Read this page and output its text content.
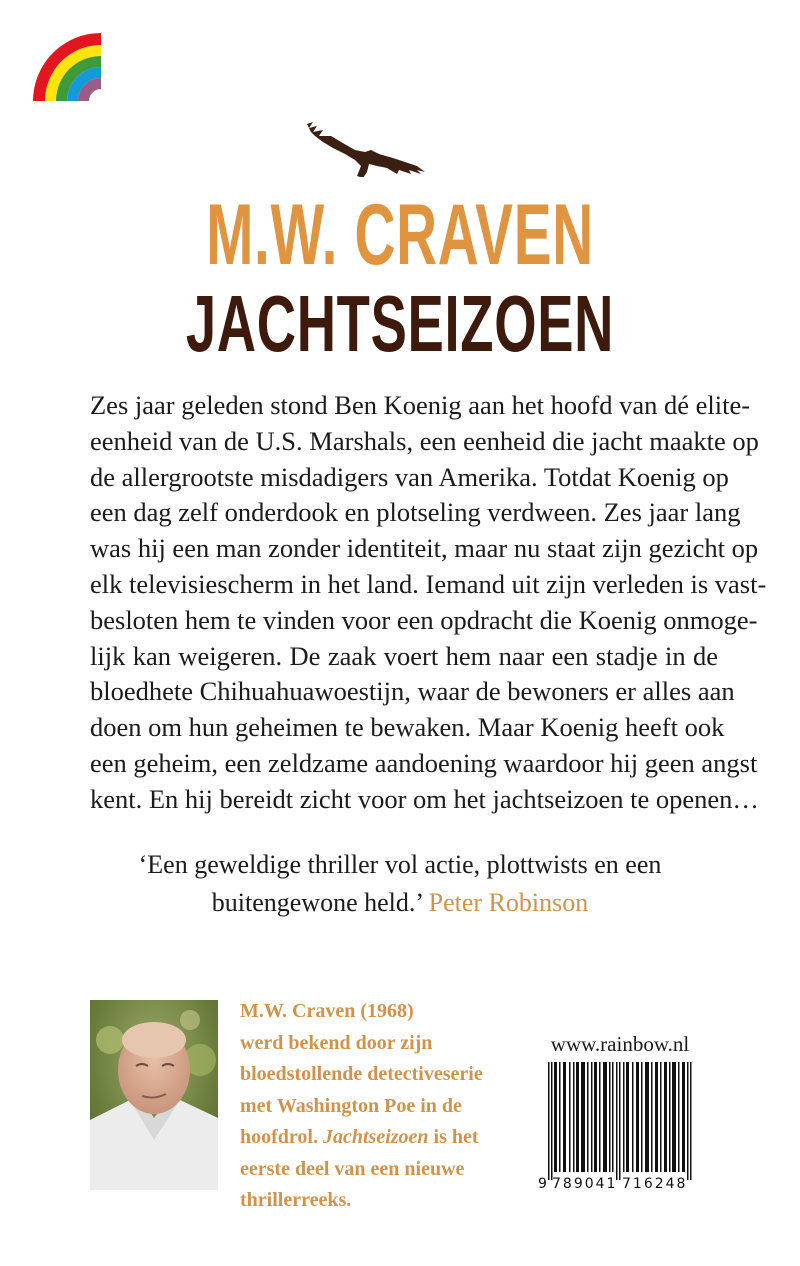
M.W. CRAVEN
JACHTSEIZOEN
Zes jaar geleden stond Ben Koenig aan het hoofd van dé elite-
eenheid van de U.S. Marshals, een eenheid die jacht maakte op
de allergrootste misdadigers van Amerika. Totdat Koenig op
een dag zelf onderdook en plotseling verdween. Zes jaar lang
was hij een man zonder identiteit, maar nu staat zijn gezicht op
elk televisiescherm in het land. Iemand uit zijn verleden is vast-
besloten hem te vinden voor een opdracht die Koenig onmoge-
lijk kan weigeren. De zaak voert hem naar een stadje in de
bloedhete Chihuahuawoestijn, waar de bewoners er alles aan
doen om hun geheimen te bewaken. Maar Koenig heeft ook
een geheim, een zeldzame aandoening waardoor hij geen angst
kent. En hij bereidt zicht voor om het jachtseizoen te openen…
‘Een geweldige thriller vol actie, plottwists en een
buitengewone held.’ Peter Robinson
M.W. Craven (1968)
werd bekend door zijn
bloedstollende detectiveserie
met Washington Poe in de
hoofdrol. Jachtseizoen is het
eerste deel van een nieuwe
thrillerreeks.
www.rainbow.nl
9 789041 716248
